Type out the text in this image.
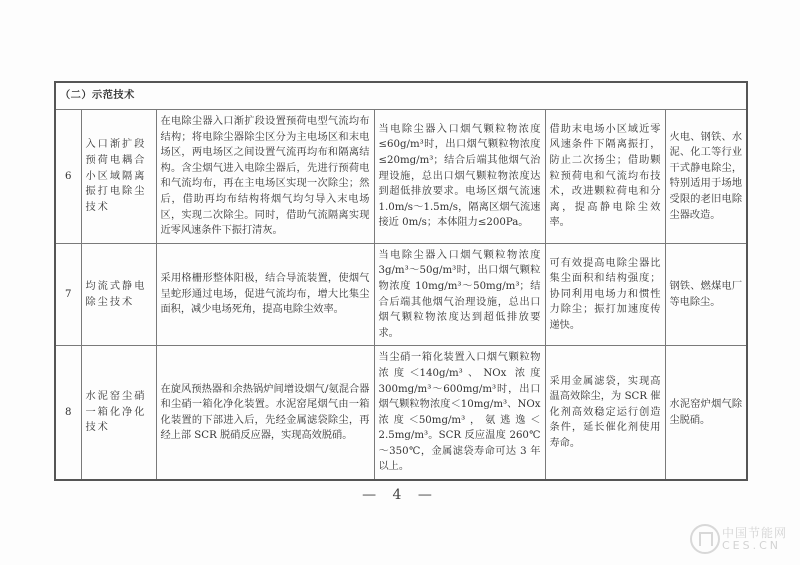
（二）示范技术					
6	入口渐扩段预荷电耦合小区域隔离振打电除尘技术	在电除尘器入口渐扩段设置预荷电型气流均布结构；将电除尘器除尘区分为主电场区和末电场区，两电场区之间设置气流再均布和隔离结构。含尘烟气进入电除尘器后，先进行预荷电和气流均布，再在主电场区实现一次除尘；然后，借助再均布结构将烟气均匀导入末电场区，实现二次除尘。同时，借助气流隔离实现近零风速条件下振打清灰。	当电除尘器入口烟气颗粒物浓度≤60g/m³时，出口烟气颗粒物浓度≤20mg/m³；结合后端其他烟气治理设施，总出口烟气颗粒物浓度达到超低排放要求。电场区烟气流速 1.0m/s～1.5m/s，隔离区烟气流速接近 0m/s；本体阻力≤200Pa。	借助末电场小区域近零风速条件下隔离振打，防止二次扬尘；借助颗粒预荷电和气流均布技术，改进颗粒荷电和分离，提高静电除尘效率。	火电、钢铁、水泥、化工等行业干式静电除尘，特别适用于场地受限的老旧电除尘器改造。
7	均流式静电除尘技术	采用格栅形整体阳极，结合导流装置，使烟气呈蛇形通过电场，促进气流均布，增大比集尘面积，减少电场死角，提高电除尘效率。	当电除尘器入口烟气颗粒物浓度 3g/m³～50g/m³时，出口烟气颗粒物浓度 10mg/m³～50mg/m³；结合后端其他烟气治理设施，总出口烟气颗粒物浓度达到超低排放要求。	可有效提高电除尘器比集尘面积和结构强度；协同利用电场力和惯性力除尘；振打加速度传递快。	钢铁、燃煤电厂等电除尘。
8	水泥窑尘硝一箱化净化技术	在旋风预热器和余热锅炉间增设烟气/氨混合器和尘硝一箱化净化装置。水泥窑尾烟气由一箱化装置的下部进入后，先经金属滤袋除尘，再经上部 SCR 脱硝反应器，实现高效脱硝。	当尘硝一箱化装置入口烟气颗粒物浓度＜140g/m³、NOx 浓度 300mg/m³～600mg/m³时，出口烟气颗粒物浓度＜10mg/m³、NOx 浓度＜50mg/m³，氨逃逸＜2.5mg/m³。SCR 反应温度 260℃～350℃，金属滤袋寿命可达 3 年以上。	采用金属滤袋，实现高温高效除尘，为 SCR 催化剂高效稳定运行创造条件，延长催化剂使用寿命。	水泥窑炉烟气除尘脱硝。
— 4 —
中国节能网
CES.CN
